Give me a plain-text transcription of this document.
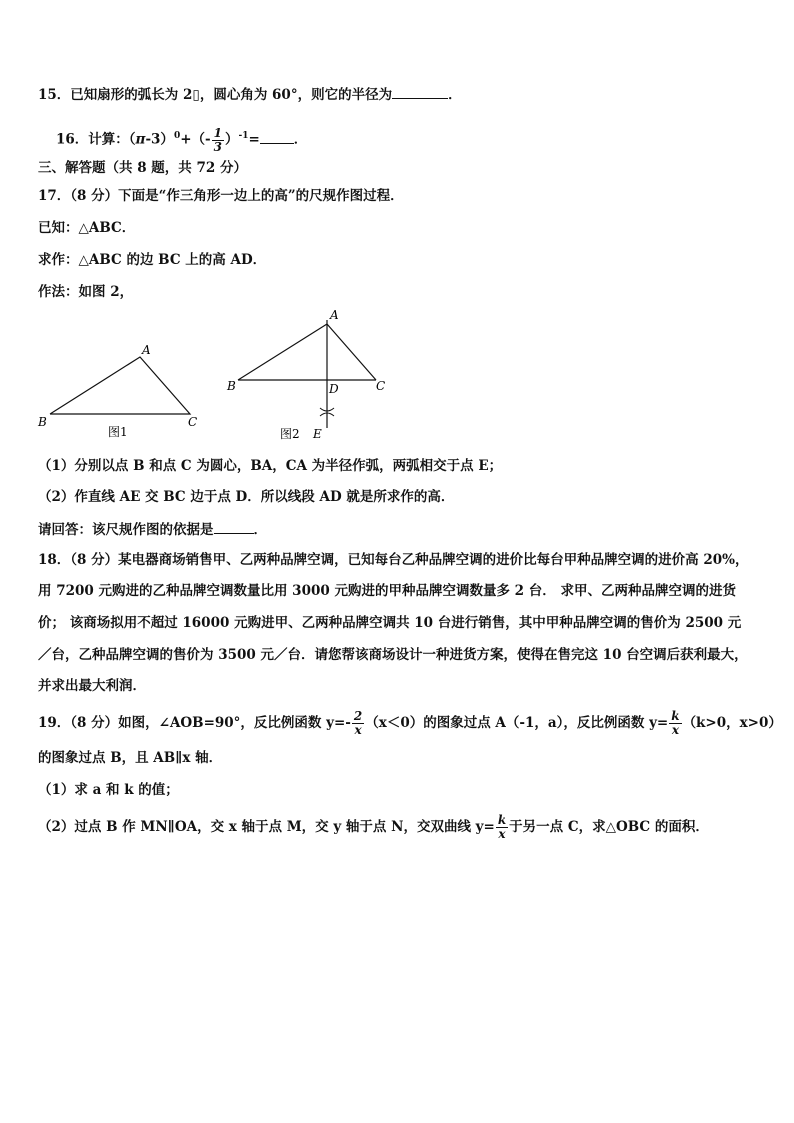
15．已知扇形的弧长为 2▯，圆心角为 60°，则它的半径为	．
16．计算：$(\pi-3)^0+(- \frac{1}{3} )^{-1}=$	．
三、解答题（共 8 题，共 72 分）
17．（8 分）下面是“作三角形一边上的高”的尺规作图过程．
已知：△ABC．
求作：△ABC 的边 BC 上的高 AD．
作法：如图 2，
A
B	C
图1
A
B	C
D
E
图2
（1）分别以点 B 和点 C 为圆心，BA，CA 为半径作弧，两弧相交于点 E；
（2）作直线 AE 交 BC 边于点 D．所以线段 AD 就是所求作的高．
请回答：该尺规作图的依据是	．
18．（8 分）某电器商场销售甲、乙两种品牌空调，已知每台乙种品牌空调的进价比每台甲种品牌空调的进价高 20%，
用 7200 元购进的乙种品牌空调数量比用 3000 元购进的甲种品牌空调数量多 2 台． 求甲、乙两种品牌空调的进货
价； 该商场拟用不超过 16000 元购进甲、乙两种品牌空调共 10 台进行销售，其中甲种品牌空调的售价为 2500 元
／台，乙种品牌空调的售价为 3500 元／台．请您帮该商场设计一种进货方案，使得在售完这 10 台空调后获利最大，
并求出最大利润．
19．（8 分）如图，∠AOB=90°，反比例函数 $y=- \frac{2}{x} (x<0)$的图象过点 A（-1，a），反比例函数 $y= \frac{k}{x} (k>0$，x>0）
的图象过点 B，且 AB∥x 轴．
（1）求 a 和 k 的值；
（2）过点 B 作 MN∥OA，交 x 轴于点 M，交 y 轴于点 N，交双曲线 $y= \frac{k}{x}$ 于另一点 C，求△OBC 的面积．
